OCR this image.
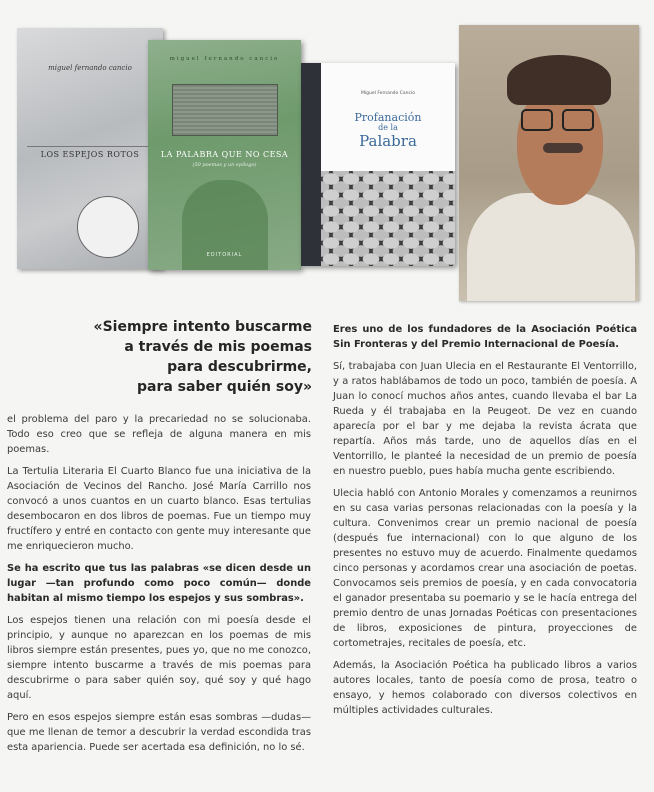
miguel fernando cancio
LOS ESPEJOS ROTOS
miguel fernando cancio
LA PALABRA QUE NO CESA
(50 poemas y un epílogo)
EDITORIAL
Miguel Fernando Cancio
Profanación
de la
Palabra
«Siempre intento buscarme
a través de mis poemas
para descubrirme,
para saber quién soy»

el problema del paro y la precariedad no se solucionaba. Todo eso creo que se refleja de alguna manera en mis poemas.

La Tertulia Literaria El Cuarto Blanco fue una iniciativa de la Asociación de Vecinos del Rancho. José María Carrillo nos convocó a unos cuantos en un cuarto blanco. Esas tertulias desembocaron en dos libros de poemas. Fue un tiempo muy fructífero y entré en contacto con gente muy interesante que me enriquecieron mucho.

Se ha escrito que tus las palabras «se dicen desde un lugar —tan profundo como poco común— donde habitan al mismo tiempo los espejos y sus sombras».

Los espejos tienen una relación con mi poesía desde el principio, y aunque no aparezcan en los poemas de mis libros siempre están presentes, pues yo, que no me conozco, siempre intento buscarme a través de mis poemas para descubrirme o para saber quién soy, qué soy y qué hago aquí.

Pero en esos espejos siempre están esas sombras —dudas— que me llenan de temor a descubrir la verdad escondida tras esta apariencia. Puede ser acertada esa definición, no lo sé.

Eres uno de los fundadores de la Asociación Poética Sin Fronteras y del Premio Internacional de Poesía.

Sí, trabajaba con Juan Ulecia en el Restaurante El Ventorrillo, y a ratos hablábamos de todo un poco, también de poesía. A Juan lo conocí muchos años antes, cuando llevaba el bar La Rueda y él trabajaba en la Peugeot. De vez en cuando aparecía por el bar y me dejaba la revista ácrata que repartía. Años más tarde, uno de aquellos días en el Ventorrillo, le planteé la necesidad de un premio de poesía en nuestro pueblo, pues había mucha gente escribiendo.

Ulecia habló con Antonio Morales y comenzamos a reunirnos en su casa varias personas relacionadas con la poesía y la cultura. Convenimos crear un premio nacional de poesía (después fue internacional) con lo que alguno de los presentes no estuvo muy de acuerdo. Finalmente quedamos cinco personas y acordamos crear una asociación de poetas. Convocamos seis premios de poesía, y en cada convocatoria el ganador presentaba su poemario y se le hacía entrega del premio dentro de unas Jornadas Poéticas con presentaciones de libros, exposiciones de pintura, proyecciones de cortometrajes, recitales de poesía, etc.

Además, la Asociación Poética ha publicado libros a varios autores locales, tanto de poesía como de prosa, teatro o ensayo, y hemos colaborado con diversos colectivos en múltiples actividades culturales.
